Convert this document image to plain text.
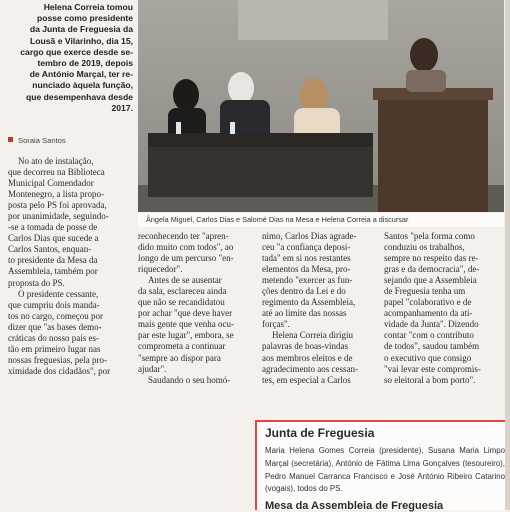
Helena Correia tomou

posse como presidente

da Junta de Freguesia da

Lousã e Vilarinho, dia 15,

cargo que exerce desde se-

tembro de 2019, depois

de António Marçal, ter re-

nunciado àquela função,

que desempenhava desde

2017.

Soraia Santos
Ângela Miguel, Carlos Dias e Salomé Dias na Mesa e Helena Correia a discursar

No ato de instalação,

que decorreu na Biblioteca

Municipal Comendador

Montenegro, a lista propo-

posta pelo PS foi aprovada,

por unanimidade, seguindo-

-se a tomada de posse de

Carlos Dias que sucede a

Carlos Santos, enquan-

to presidente da Mesa da

Assembleia, também por

proposta do PS.

O presidente cessante,

que cumpriu dois manda-

tos no cargo, começou por

dizer que "as bases demo-

cráticas do nosso país es-

tão em primeiro lugar nas

nossas freguesias, pela pro-

ximidade dos cidadãos", por

reconhecendo ter "apren-

dido muito com todos", ao

longo de um percurso "en-

riquecedor".

Antes de se ausentar

da sala, esclareceu ainda

que não se recandidatou

por achar "que deve haver

mais gente que venha ocu-

par este lugar", embora, se

comprometa a continuar

"sempre ao dispor para

ajudar".

Saudando o seu homó-

nimo, Carlos Dias agrade-

ceu "a confiança deposi-

tada" em si nos restantes

elementos da Mesa, pro-

metendo "exercer as fun-

ções dentro da Lei e do

regimento da Assembleia,

até ao limite das nossas

forças".

Helena Correia dirigiu

palavras de boas-vindas

aos membros eleitos e de

agradecimento aos cessan-

tes, em especial a Carlos

Santos "pela forma como

conduziu os trabalhos,

sempre no respeito das re-

gras e da democracia", de-

sejando que a Assembleia

de Freguesia tenha um

papel "colaborativo e de

acompanhamento da ati-

vidade da Junta". Dizendo

contar "com o contributo

de todos", saudou também

o executivo que consigo

"vai levar este compromis-

so eleitoral a bom porto".

Junta de Freguesia
Maria Helena Gomes Correia (presidente), Susana Maria Limpo Marçal (secretária), António de Fátima Lima Gonçalves (tesoureiro), Pedro Manuel Carranca Francisco e José António Ribeiro Catarino (vogais), todos do PS.
Mesa da Assembleia de Freguesia
